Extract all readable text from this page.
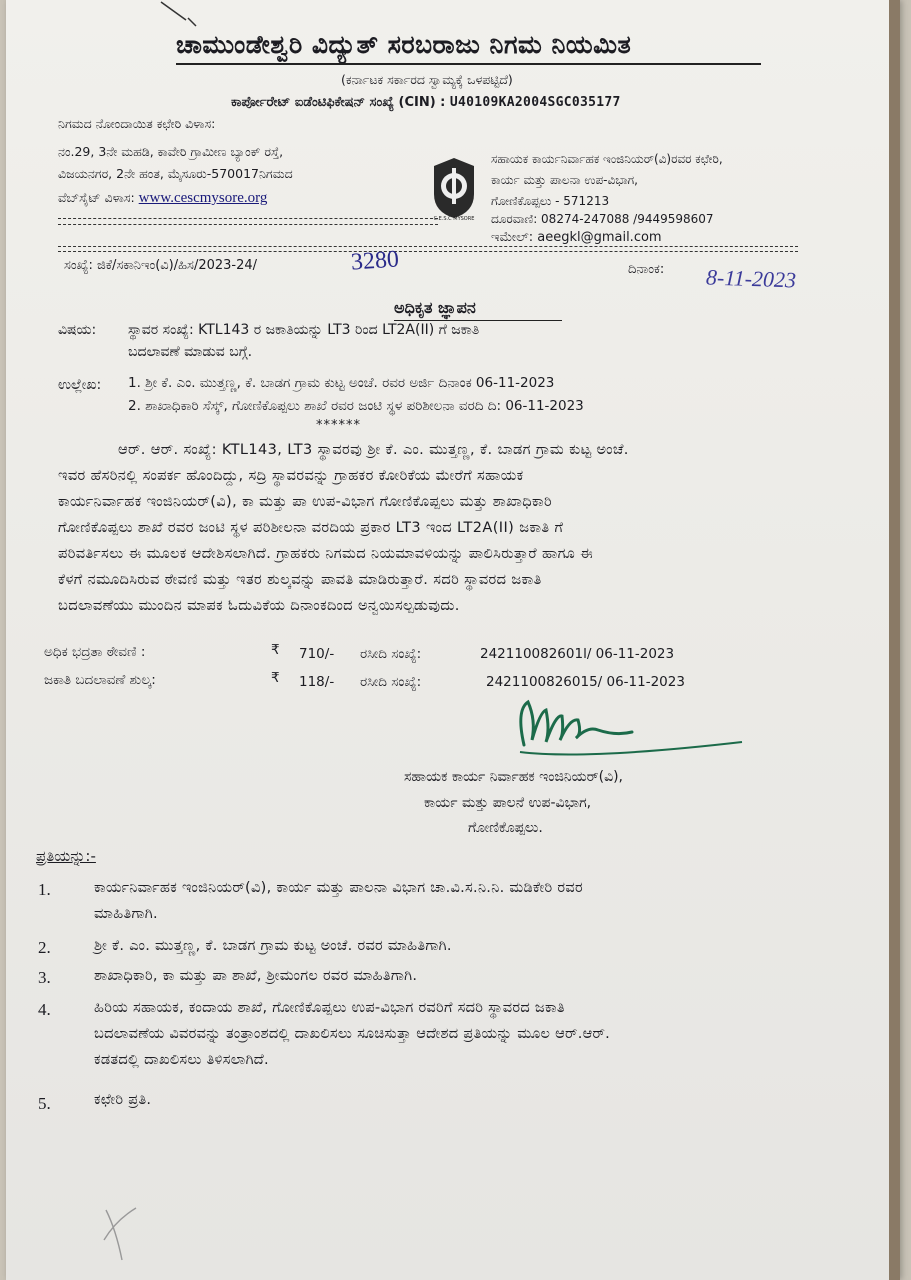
ಚಾಮುಂಡೇಶ್ವರಿ ವಿದ್ಯುತ್ ಸರಬರಾಜು ನಿಗಮ ನಿಯಮಿತ
(ಕರ್ನಾಟಕ ಸರ್ಕಾರದ ಸ್ವಾಮ್ಯಕ್ಕೆ ಒಳಪಟ್ಟಿದೆ)
ಕಾರ್ಪೋರೇಟ್ ಐಡೆಂಟಿಫಿಕೇಷನ್ ಸಂಖ್ಯೆ (CIN) : U40109KA2004SGC035177
ನಿಗಮದ ನೋಂದಾಯಿತ ಕಛೇರಿ ವಿಳಾಸ:
ನಂ.29, 3ನೇ ಮಹಡಿ, ಕಾವೇರಿ ಗ್ರಾಮೀಣ ಬ್ಯಾಂಕ್ ರಸ್ತೆ,
ವಿಜಯನಗರ, 2ನೇ ಹಂತ, ಮೈಸೂರು-570017ನಿಗಮದ
ವೆಬ್‌ಸೈಟ್ ವಿಳಾಸ: www.cescmysore.org
C.E.S.C MYSORE
ಸಹಾಯಕ ಕಾರ್ಯನಿರ್ವಾಹಕ ಇಂಜಿನಿಯರ್(ವಿ)ರವರ ಕಛೇರಿ,
ಕಾರ್ಯ ಮತ್ತು ಪಾಲನಾ ಉಪ-ವಿಭಾಗ,
ಗೋಣಿಕೊಪ್ಪಲು - 571213
ದೂರವಾಣಿ: 08274-247088 /9449598607
ಇಮೇಲ್: aeegkl@gmail.com
ಸಂಖ್ಯೆ: ಜಿಕೆ/ಸಕಾನಿಇಂ(ವಿ)/ಹಿಸ/2023-24/	3280	ದಿನಾಂಕ: 8-11-2023
ಅಧಿಕೃತ ಜ್ಞಾಪನ
ವಿಷಯ: ಸ್ಥಾವರ ಸಂಖ್ಯೆ: KTL143 ರ ಜಕಾತಿಯನ್ನು LT3 ರಿಂದ LT2A(II) ಗೆ ಜಕಾತಿ
ಬದಲಾವಣೆ ಮಾಡುವ ಬಗ್ಗೆ.
ಉಲ್ಲೇಖ: 1. ಶ್ರೀ ಕೆ. ಎಂ. ಮುತ್ತಣ್ಣ, ಕೆ. ಬಾಡಗ ಗ್ರಾಮ ಕುಟ್ಟ ಅಂಚೆ. ರವರ ಅರ್ಜಿ ದಿನಾಂಕ 06-11-2023
2. ಶಾಖಾಧಿಕಾರಿ ಸೆಸ್ಕ್, ಗೋಣಿಕೊಪ್ಪಲು ಶಾಖೆ ರವರ ಜಂಟಿ ಸ್ಥಳ ಪರಿಶೀಲನಾ ವರದಿ ದಿ: 06-11-2023
******
ಆರ್. ಆರ್. ಸಂಖ್ಯೆ: KTL143, LT3 ಸ್ಥಾವರವು ಶ್ರೀ ಕೆ. ಎಂ. ಮುತ್ತಣ್ಣ, ಕೆ. ಬಾಡಗ ಗ್ರಾಮ ಕುಟ್ಟ ಅಂಚೆ.
ಇವರ ಹೆಸರಿನಲ್ಲಿ ಸಂಪರ್ಕ ಹೊಂದಿದ್ದು, ಸದ್ರಿ ಸ್ಥಾವರವನ್ನು ಗ್ರಾಹಕರ ಕೋರಿಕೆಯ ಮೇರೆಗೆ ಸಹಾಯಕ
ಕಾರ್ಯನಿರ್ವಾಹಕ ಇಂಜಿನಿಯರ್(ವಿ), ಕಾ ಮತ್ತು ಪಾ ಉಪ-ವಿಭಾಗ ಗೋಣಿಕೊಪ್ಪಲು ಮತ್ತು ಶಾಖಾಧಿಕಾರಿ
ಗೋಣಿಕೊಪ್ಪಲು ಶಾಖೆ ರವರ ಜಂಟಿ ಸ್ಥಳ ಪರಿಶೀಲನಾ ವರದಿಯ ಪ್ರಕಾರ LT3 ಇಂದ LT2A(II) ಜಕಾತಿ ಗೆ
ಪರಿವರ್ತಿಸಲು ಈ ಮೂಲಕ ಆದೇಶಿಸಲಾಗಿದೆ. ಗ್ರಾಹಕರು ನಿಗಮದ ನಿಯಮಾವಳಿಯನ್ನು ಪಾಲಿಸಿರುತ್ತಾರೆ ಹಾಗೂ ಈ
ಕೆಳಗೆ ನಮೂದಿಸಿರುವ ಠೇವಣಿ ಮತ್ತು ಇತರ ಶುಲ್ಕವನ್ನು ಪಾವತಿ ಮಾಡಿರುತ್ತಾರೆ. ಸದರಿ ಸ್ಥಾವರದ ಜಕಾತಿ
ಬದಲಾವಣೆಯು ಮುಂದಿನ ಮಾಪಕ ಓದುವಿಕೆಯ ದಿನಾಂಕದಿಂದ ಅನ್ವಯಿಸಲ್ಪಡುವುದು.
ಅಧಿಕ ಭದ್ರತಾ ಠೇವಣಿ :	₹ 710/- ರಸೀದಿ ಸಂಖ್ಯೆ:	242110082601l/ 06-11-2023
ಜಕಾತಿ ಬದಲಾವಣೆ ಶುಲ್ಕ:	₹ 118/- ರಸೀದಿ ಸಂಖ್ಯೆ:	2421100826015/ 06-11-2023
ಸಹಾಯಕ ಕಾರ್ಯ ನಿರ್ವಾಹಕ ಇಂಜಿನಿಯರ್(ವಿ),
ಕಾರ್ಯ ಮತ್ತು ಪಾಲನೆ ಉಪ-ವಿಭಾಗ,
ಗೋಣಿಕೊಪ್ಪಲು.
ಪ್ರತಿಯನ್ನು:-
1.	ಕಾರ್ಯನಿರ್ವಾಹಕ ಇಂಜಿನಿಯರ್(ವಿ), ಕಾರ್ಯ ಮತ್ತು ಪಾಲನಾ ವಿಭಾಗ ಚಾ.ವಿ.ಸ.ನಿ.ನಿ. ಮಡಿಕೇರಿ ರವರ
ಮಾಹಿತಿಗಾಗಿ.
2.	ಶ್ರೀ ಕೆ. ಎಂ. ಮುತ್ತಣ್ಣ, ಕೆ. ಬಾಡಗ ಗ್ರಾಮ ಕುಟ್ಟ ಅಂಚೆ. ರವರ ಮಾಹಿತಿಗಾಗಿ.
3.	ಶಾಖಾಧಿಕಾರಿ, ಕಾ ಮತ್ತು ಪಾ ಶಾಖೆ, ಶ್ರೀಮಂಗಲ ರವರ ಮಾಹಿತಿಗಾಗಿ.
4.	ಹಿರಿಯ ಸಹಾಯಕ, ಕಂದಾಯ ಶಾಖೆ, ಗೋಣಿಕೊಪ್ಪಲು ಉಪ-ವಿಭಾಗ ರವರಿಗೆ ಸದರಿ ಸ್ಥಾವರದ ಜಕಾತಿ
ಬದಲಾವಣೆಯ ವಿವರವನ್ನು ತಂತ್ರಾಂಶದಲ್ಲಿ ದಾಖಲಿಸಲು ಸೂಚಿಸುತ್ತಾ ಆದೇಶದ ಪ್ರತಿಯನ್ನು ಮೂಲ ಆರ್.ಆರ್.
ಕಡತದಲ್ಲಿ ದಾಖಲಿಸಲು ತಿಳಿಸಲಾಗಿದೆ.
5.	ಕಛೇರಿ ಪ್ರತಿ.
